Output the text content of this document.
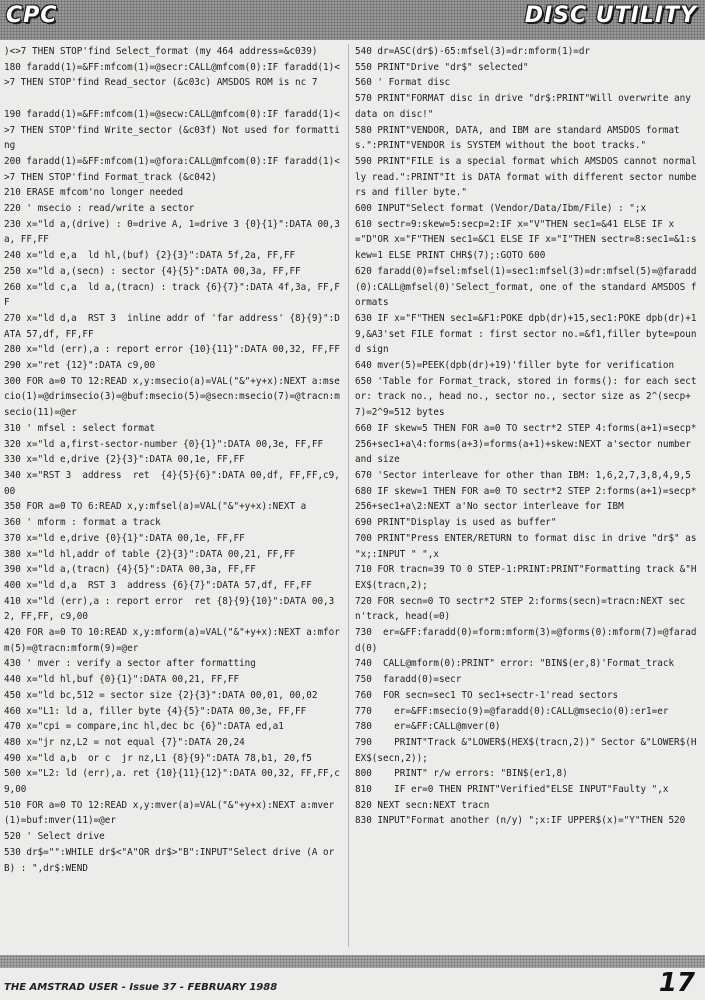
CPC	DISC UTILITY
)<>7 THEN STOP'find Select_format (my 464 address=&c039)
180 faradd(1)=&FF:mfcom(1)=@secr:CALL@mfcom(0):IF faradd(1)<>7 THEN STOP'find Read_sector (&c03c) AMSDOS ROM is nc 7

190 faradd(1)=&FF:mfcom(1)=@secw:CALL@mfcom(0):IF faradd(1)<>7 THEN STOP'find Write_sector (&c03f) Not used for formatting
200 faradd(1)=&FF:mfcom(1)=@fora:CALL@mfcom(0):IF faradd(1)<>7 THEN STOP'find Format_track (&c042)
210 ERASE mfcom'no longer needed
220 ' msecio : read/write a sector
230 x="ld a,(drive) : 0=drive A, 1=drive 3 {0}{1}":DATA 00,3a, FF,FF
240 x="ld e,a  ld hl,(buf) {2}{3}":DATA 5f,2a, FF,FF
250 x="ld a,(secn) : sector {4}{5}":DATA 00,3a, FF,FF
260 x="ld c,a  ld a,(tracn) : track {6}{7}":DATA 4f,3a, FF,FF
270 x="ld d,a  RST 3  inline addr of 'far address' {8}{9}":DATA 57,df, FF,FF
280 x="ld (err),a : report error {10}{11}":DATA 00,32, FF,FF
290 x="ret {12}":DATA c9,00
300 FOR a=0 TO 12:READ x,y:msecio(a)=VAL("&"+y+x):NEXT a:msecio(1)=@drimsecio(3)=@buf:msecio(5)=@secn:msecio(7)=@tracn:msecio(11)=@er
310 ' mfsel : select format
320 x="ld a,first-sector-number {0}{1}":DATA 00,3e, FF,FF
330 x="ld e,drive {2}{3}":DATA 00,1e, FF,FF
340 x="RST 3  address  ret  {4}{5}{6}":DATA 00,df, FF,FF,c9,00
350 FOR a=0 TO 6:READ x,y:mfsel(a)=VAL("&"+y+x):NEXT a
360 ' mform : format a track
370 x="ld e,drive {0}{1}":DATA 00,1e, FF,FF
380 x="ld hl,addr of table {2}{3}":DATA 00,21, FF,FF
390 x="ld a,(tracn) {4}{5}":DATA 00,3a, FF,FF
400 x="ld d,a  RST 3  address {6}{7}":DATA 57,df, FF,FF
410 x="ld (err),a : report error  ret {8}{9}{10}":DATA 00,32, FF,FF, c9,00
420 FOR a=0 TO 10:READ x,y:mform(a)=VAL("&"+y+x):NEXT a:mform(5)=@tracn:mform(9)=@er
430 ' mver : verify a sector after formatting
440 x="ld hl,buf {0}{1}":DATA 00,21, FF,FF
450 x="ld bc,512 = sector size {2}{3}":DATA 00,01, 00,02
460 x="L1: ld a, filler byte {4}{5}":DATA 00,3e, FF,FF
470 x="cpi = compare,inc hl,dec bc {6}":DATA ed,a1
480 x="jr nz,L2 = not equal {7}":DATA 20,24
490 x="ld a,b  or c  jr nz,L1 {8}{9}":DATA 78,b1, 20,f5
500 x="L2: ld (err),a. ret {10}{11}{12}":DATA 00,32, FF,FF,c9,00
510 FOR a=0 TO 12:READ x,y:mver(a)=VAL("&"+y+x):NEXT a:mver(1)=buf:mver(11)=@er
520 ' Select drive
530 dr$="":WHILE dr$<"A"OR dr$>"B":INPUT"Select drive (A or B) : ",dr$:WEND
540 dr=ASC(dr$)-65:mfsel(3)=dr:mform(1)=dr
550 PRINT"Drive "dr$" selected"
560 ' Format disc
570 PRINT"FORMAT disc in drive "dr$:PRINT"Will overwrite any data on disc!"
580 PRINT"VENDOR, DATA, and IBM are standard AMSDOS formats.":PRINT"VENDOR is SYSTEM without the boot tracks."
590 PRINT"FILE is a special format which AMSDOS cannot normally read.":PRINT"It is DATA format with different sector numbers and filler byte."
600 INPUT"Select format (Vendor/Data/Ibm/File) : ";x
610 sectr=9:skew=5:secp=2:IF x="V"THEN sec1=&41 ELSE IF x="D"OR x="F"THEN sec1=&C1 ELSE IF x="I"THEN sectr=8:sec1=&1:skew=1 ELSE PRINT CHR$(7);:GOTO 600
620 faradd(0)=fsel:mfsel(1)=sec1:mfsel(3)=dr:mfsel(5)=@faradd(0):CALL@mfsel(0)'Select_format, one of the standard AMSDOS formats
630 IF x="F"THEN sec1=&F1:POKE dpb(dr)+15,sec1:POKE dpb(dr)+19,&A3'set FILE format : first sector no.=&f1,filler byte=pound sign
640 mver(5)=PEEK(dpb(dr)+19)'filler byte for verification
650 'Table for Format_track, stored in forms(): for each sector: track no., head no., sector no., sector size as 2^(secp+7)=2^9=512 bytes
660 IF skew=5 THEN FOR a=0 TO sectr*2 STEP 4:forms(a+1)=secp*256+sec1+a\4:forms(a+3)=forms(a+1)+skew:NEXT a'sector number and size
670 'Sector interleave for other than IBM: 1,6,2,7,3,8,4,9,5
680 IF skew=1 THEN FOR a=0 TO sectr*2 STEP 2:forms(a+1)=secp*256+sec1+a\2:NEXT a'No sector interleave for IBM
690 PRINT"Display is used as buffer"
700 PRINT"Press ENTER/RETURN to format disc in drive "dr$" as "x;:INPUT " ",x
710 FOR tracn=39 TO 0 STEP-1:PRINT:PRINT"Formatting track &"HEX$(tracn,2);
720 FOR secn=0 TO sectr*2 STEP 2:forms(secn)=tracn:NEXT secn'track, head(=0)
730  er=&FF:faradd(0)=form:mform(3)=@forms(0):mform(7)=@faradd(0)
740  CALL@mform(0):PRINT" error: "BIN$(er,8)'Format_track
750  faradd(0)=secr
760  FOR secn=sec1 TO sec1+sectr-1'read sectors
770    er=&FF:msecio(9)=@faradd(0):CALL@msecio(0):er1=er
780    er=&FF:CALL@mver(0)
790    PRINT"Track &"LOWER$(HEX$(tracn,2))" Sector &"LOWER$(HEX$(secn,2));
800    PRINT" r/w errors: "BIN$(er1,8)
810    IF er=0 THEN PRINT"Verified"ELSE INPUT"Faulty ",x
820 NEXT secn:NEXT tracn
830 INPUT"Format another (n/y) ";x:IF UPPER$(x)="Y"THEN 520
THE AMSTRAD USER - Issue 37 - FEBRUARY 1988	17
